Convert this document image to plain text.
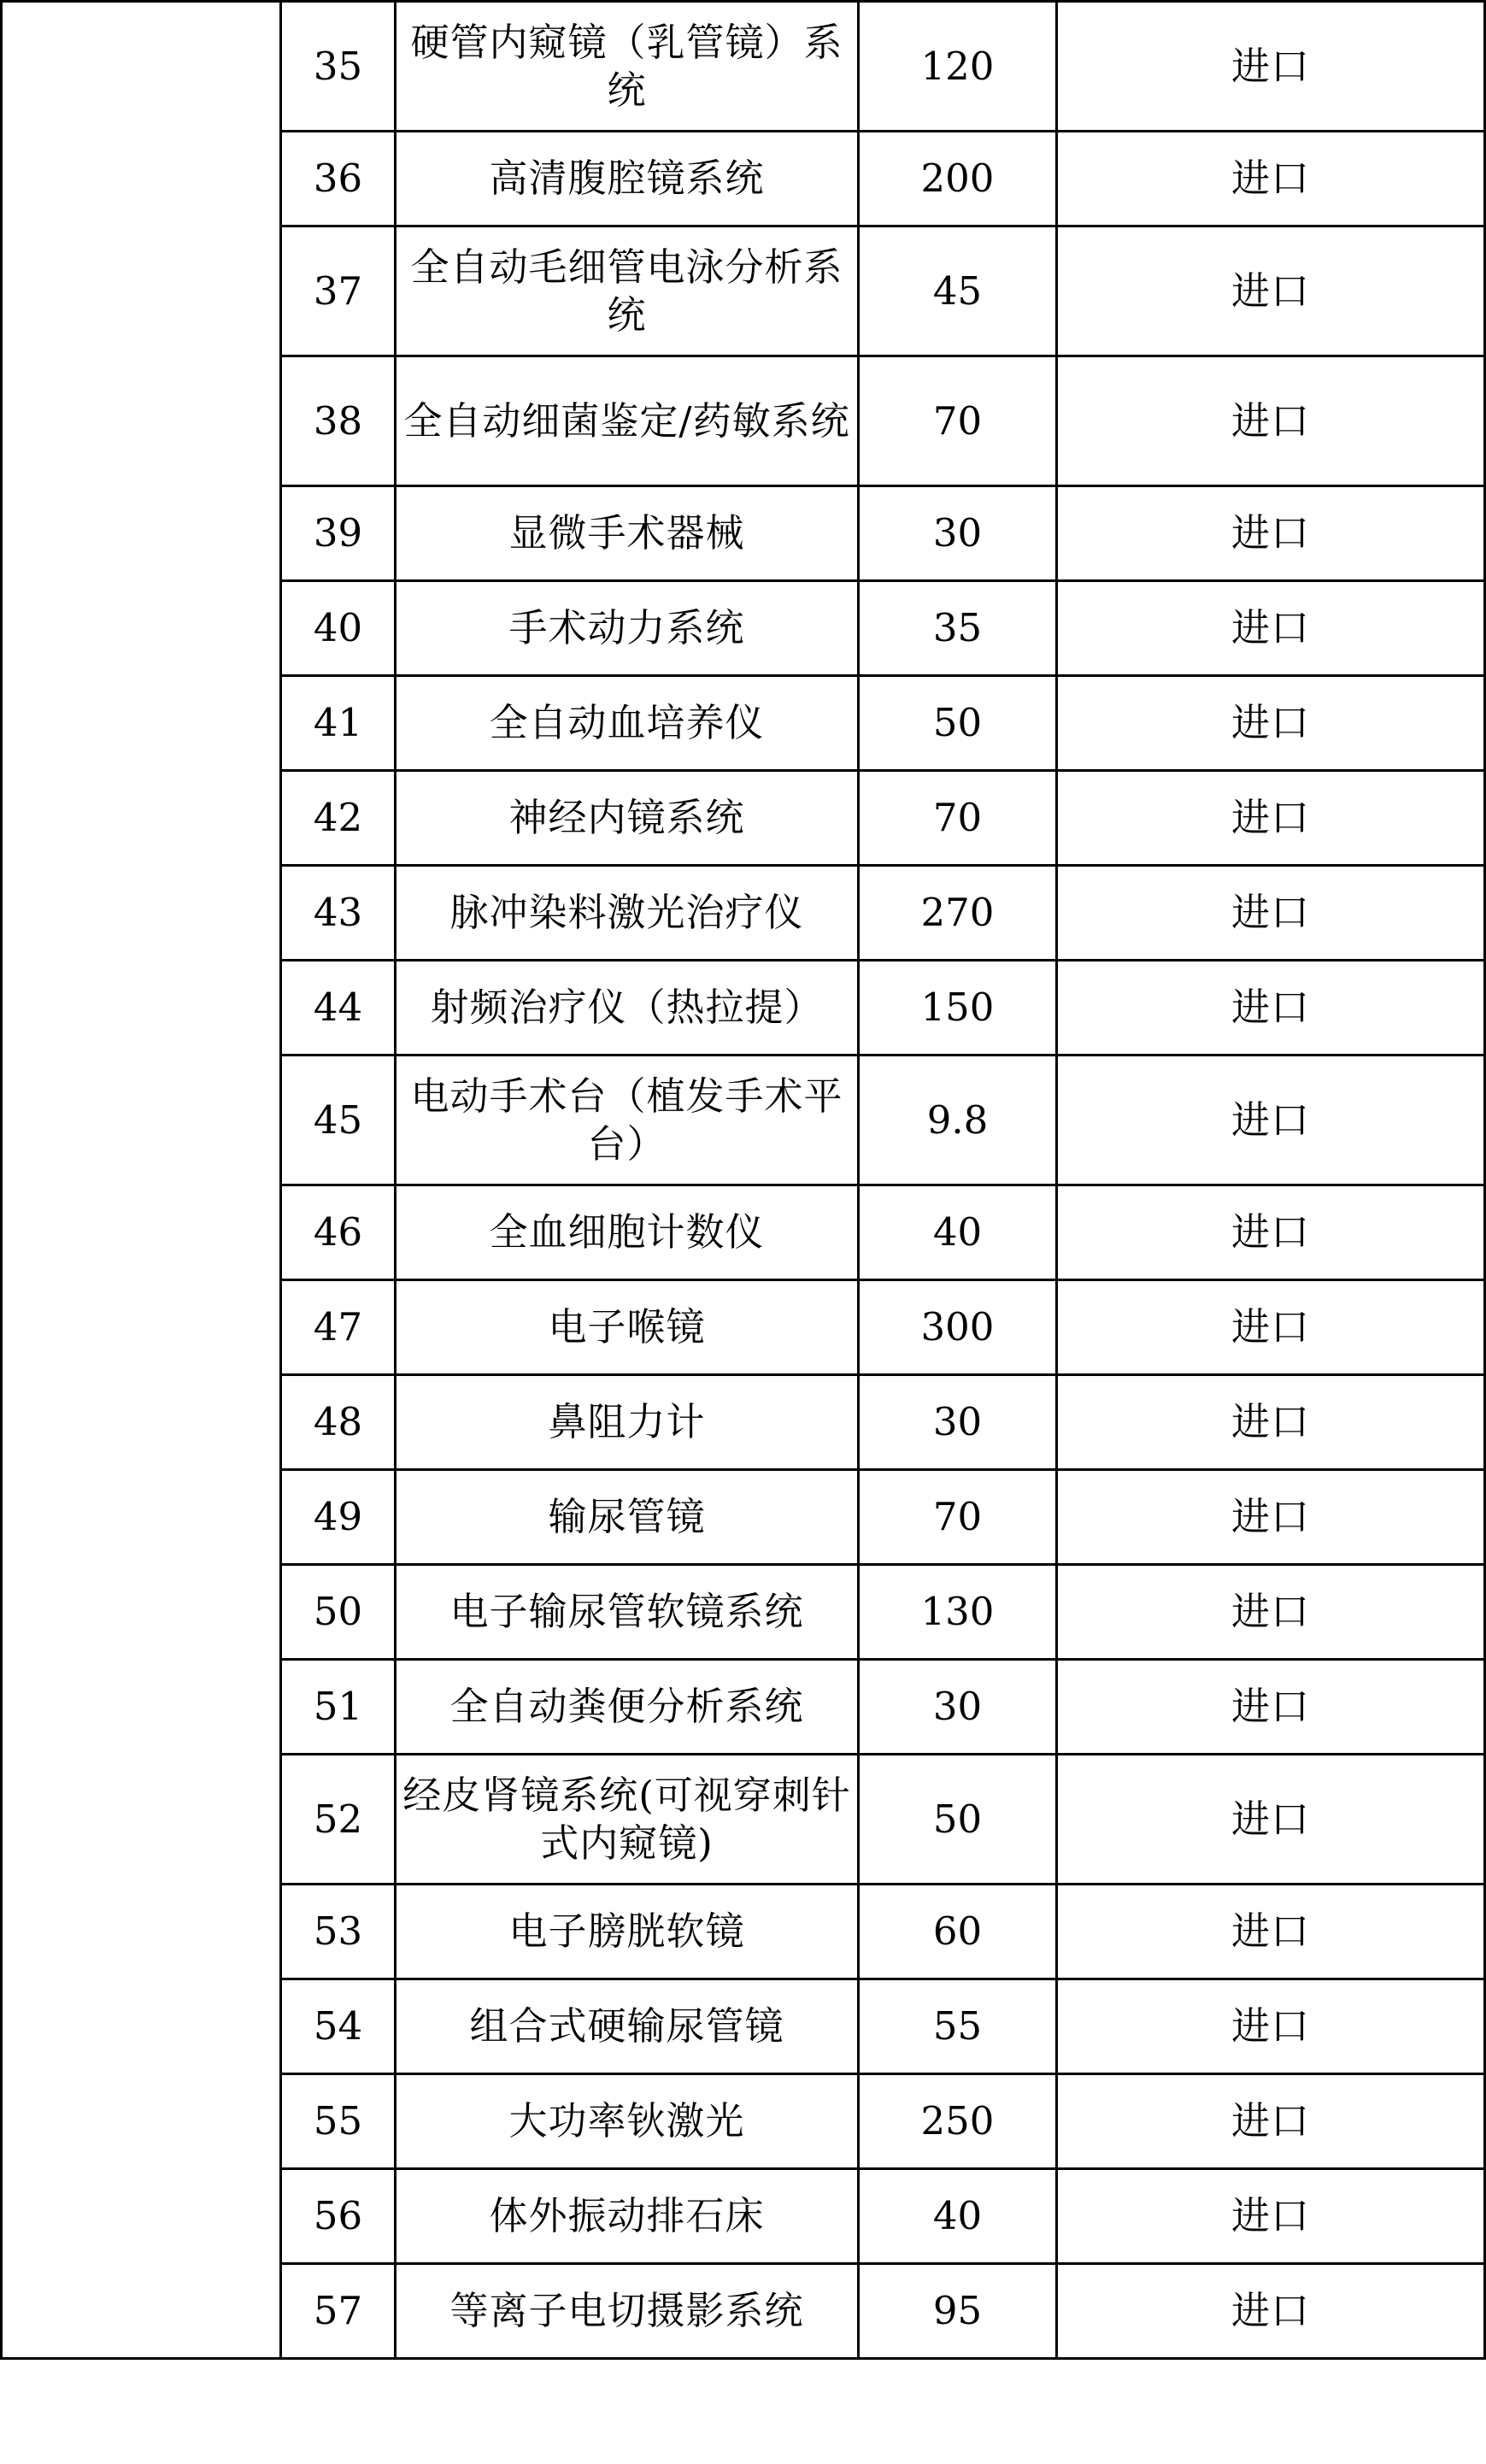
	35	硬管内窥镜（乳管镜）系统	120	进口
	36	高清腹腔镜系统	200	进口
	37	全自动毛细管电泳分析系统	45	进口
	38	全自动细菌鉴定/药敏系统	70	进口
	39	显微手术器械	30	进口
	40	手术动力系统	35	进口
	41	全自动血培养仪	50	进口
	42	神经内镜系统	70	进口
	43	脉冲染料激光治疗仪	270	进口
	44	射频治疗仪（热拉提）	150	进口
	45	电动手术台（植发手术平台）	9.8	进口
	46	全血细胞计数仪	40	进口
	47	电子喉镜	300	进口
	48	鼻阻力计	30	进口
	49	输尿管镜	70	进口
	50	电子输尿管软镜系统	130	进口
	51	全自动粪便分析系统	30	进口
	52	经皮肾镜系统(可视穿刺针式内窥镜)	50	进口
	53	电子膀胱软镜	60	进口
	54	组合式硬输尿管镜	55	进口
	55	大功率钬激光	250	进口
	56	体外振动排石床	40	进口
	57	等离子电切摄影系统	95	进口
